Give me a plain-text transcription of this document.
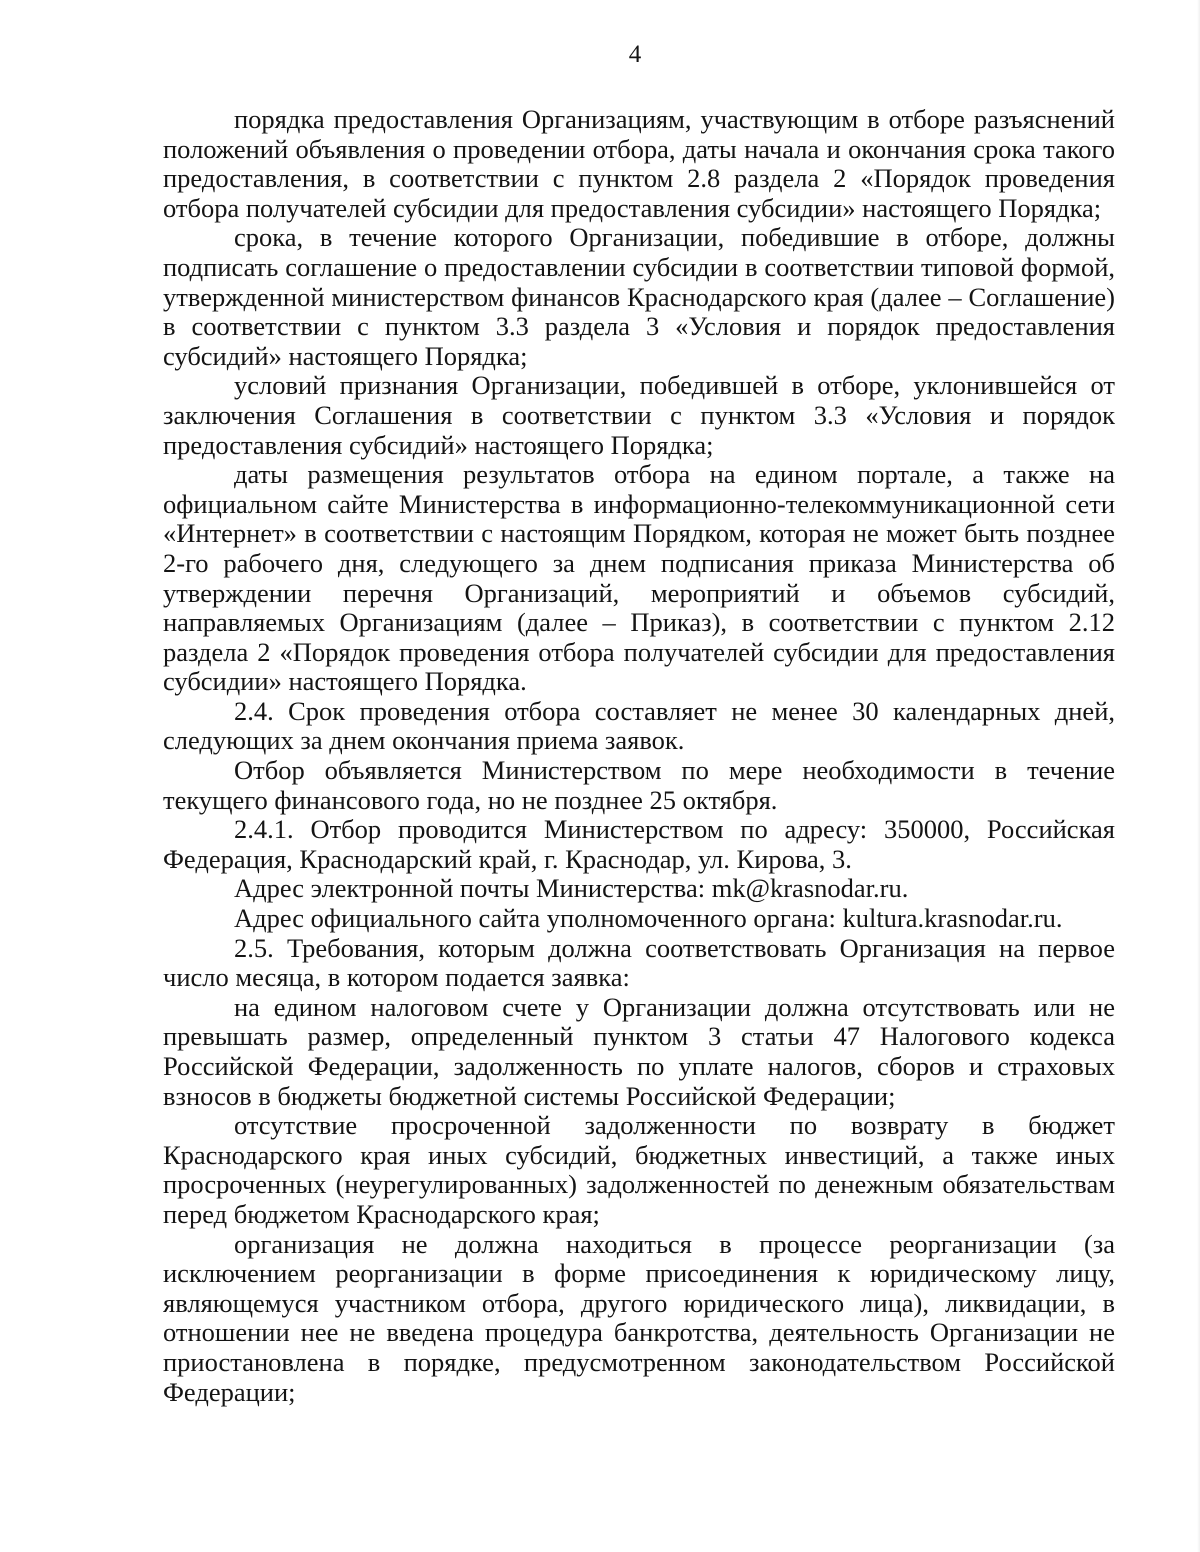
4

порядка предоставления Организациям, участвующим в отборе разъяснений положений объявления о проведении отбора, даты начала и окончания срока такого предоставления, в соответствии с пунктом 2.8 раздела 2 «Порядок проведения отбора получателей субсидии для предоставления субсидии» настоящего Порядка;

срока, в течение которого Организации, победившие в отборе, должны подписать соглашение о предоставлении субсидии в соответствии типовой формой, утвержденной министерством финансов Краснодарского края (далее – Соглашение) в соответствии с пунктом 3.3 раздела 3 «Условия и порядок предоставления субсидий» настоящего Порядка;

условий признания Организации, победившей в отборе, уклонившейся от заключения Соглашения в соответствии с пунктом 3.3 «Условия и порядок предоставления субсидий» настоящего Порядка;

даты размещения результатов отбора на едином портале, а также на официальном сайте Министерства в информационно-телекоммуникационной сети «Интернет» в соответствии с настоящим Порядком, которая не может быть позднее 2-го рабочего дня, следующего за днем подписания приказа Министерства об утверждении перечня Организаций, мероприятий и объемов субсидий, направляемых Организациям (далее – Приказ), в соответствии с пунктом 2.12 раздела 2 «Порядок проведения отбора получателей субсидии для предоставления субсидии» настоящего Порядка.

2.4. Срок проведения отбора составляет не менее 30 календарных дней, следующих за днем окончания приема заявок.

Отбор объявляется Министерством по мере необходимости в течение текущего финансового года, но не позднее 25 октября.

2.4.1. Отбор проводится Министерством по адресу: 350000, Российская Федерация, Краснодарский край, г. Краснодар, ул. Кирова, 3.

Адрес электронной почты Министерства: mk@krasnodar.ru.

Адрес официального сайта уполномоченного органа: kultura.krasnodar.ru.

2.5. Требования, которым должна соответствовать Организация на первое число месяца, в котором подается заявка:

на едином налоговом счете у Организации должна отсутствовать или не превышать размер, определенный пунктом 3 статьи 47 Налогового кодекса Российской Федерации, задолженность по уплате налогов, сборов и страховых взносов в бюджеты бюджетной системы Российской Федерации;

отсутствие просроченной задолженности по возврату в бюджет Краснодарского края иных субсидий, бюджетных инвестиций, а также иных просроченных (неурегулированных) задолженностей по денежным обязательствам перед бюджетом Краснодарского края;

организация не должна находиться в процессе реорганизации (за исключением реорганизации в форме присоединения к юридическому лицу, являющемуся участником отбора, другого юридического лица), ликвидации, в отношении нее не введена процедура банкротства, деятельность Организации не приостановлена в порядке, предусмотренном законодательством Российской Федерации;
